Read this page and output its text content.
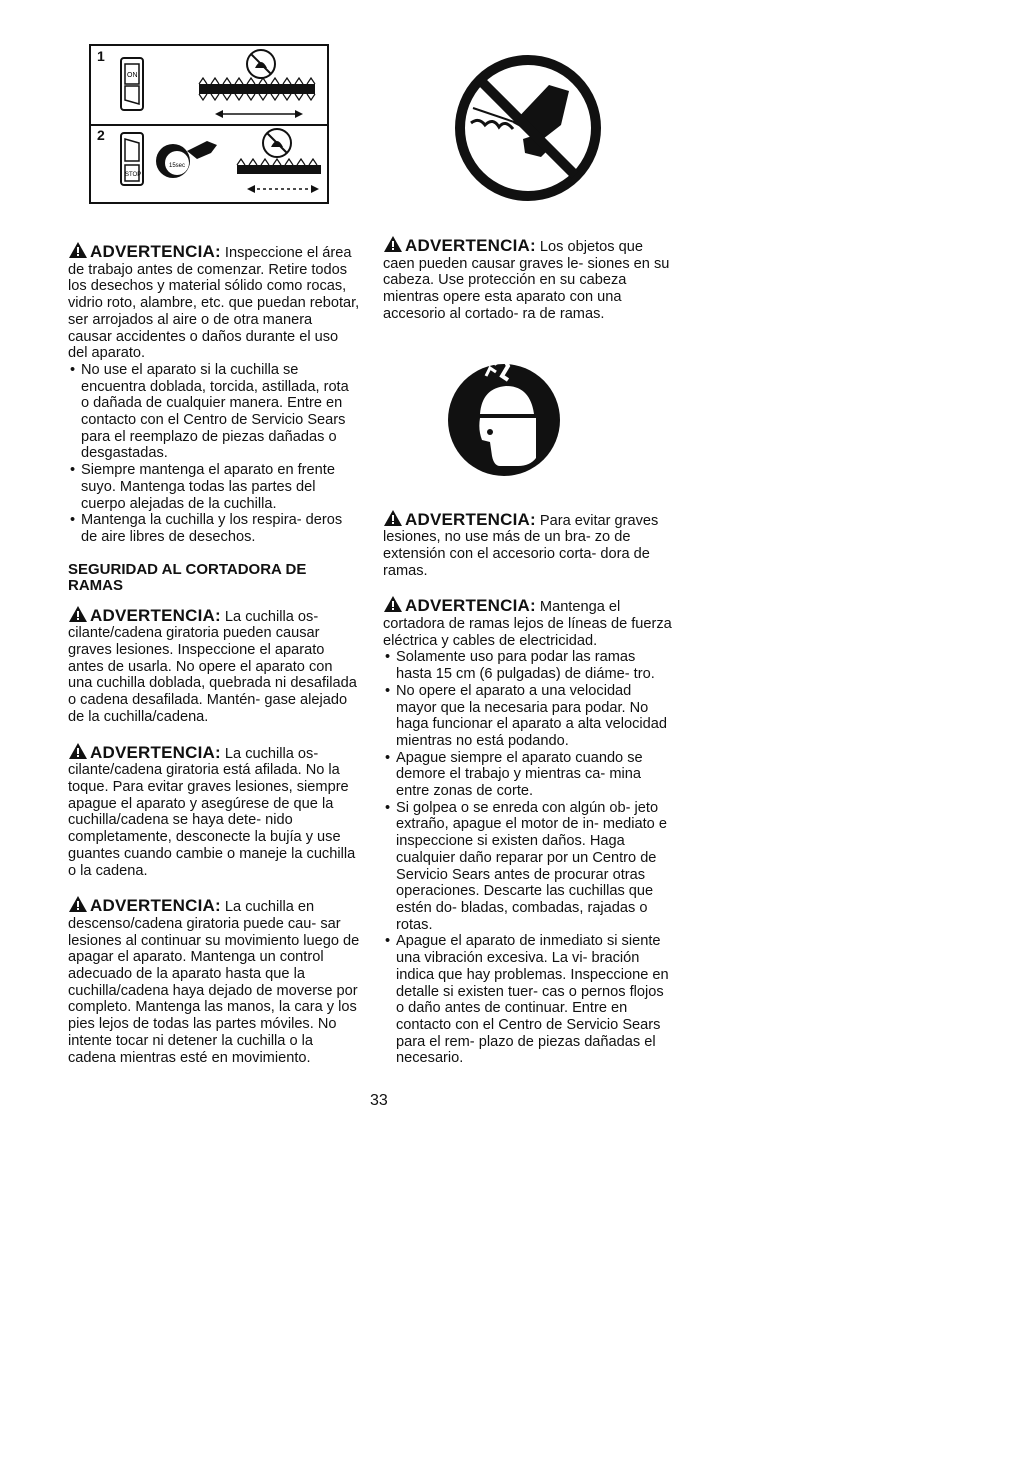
1
ON
2
STOP
15sec
ADVERTENCIA: Inspeccione el área de trabajo antes de comenzar. Retire todos los desechos y material sólido como rocas, vidrio roto, alambre, etc. que puedan rebotar, ser arrojados al aire o de otra manera causar accidentes o daños durante el uso del aparato.
• No use el aparato si la cuchilla se encuentra doblada, torcida, astillada, rota o dañada de cualquier manera. Entre en contacto con el Centro de Servicio Sears para el reemplazo de piezas dañadas o desgastadas.
• Siempre mantenga el aparato en frente suyo. Mantenga todas las partes del cuerpo alejadas de la cuchilla.
• Mantenga la cuchilla y los respira- deros de aire libres de desechos.
SEGURIDAD AL CORTADORA DE RAMAS
ADVERTENCIA: La cuchilla os- cilante/cadena giratoria pueden causar graves lesiones. Inspeccione el aparato antes de usarla. No opere el aparato con una cuchilla doblada, quebrada ni desafilada o cadena desafilada. Mantén- gase alejado de la cuchilla/cadena.
ADVERTENCIA: La cuchilla os- cilante/cadena giratoria está afilada. No la toque. Para evitar graves lesiones, siempre apague el aparato y asegúrese de que la cuchilla/cadena se haya dete- nido completamente, desconecte la bujía y use guantes cuando cambie o maneje la cuchilla o la cadena.
ADVERTENCIA: La cuchilla en descenso/cadena giratoria puede cau- sar lesiones al continuar su movimiento luego de apagar el aparato. Mantenga un control adecuado de la aparato hasta que la cuchilla/cadena haya dejado de moverse por completo. Mantenga las manos, la cara y los pies lejos de todas las partes móviles. No intente tocar ni detener la cuchilla o la cadena mientras esté en movimiento.
ADVERTENCIA: Los objetos que caen pueden causar graves le- siones en su cabeza. Use protección en su cabeza mientras opere esta aparato con una accesorio al cortado- ra de ramas.
ADVERTENCIA: Para evitar graves lesiones, no use más de un bra- zo de extensión con el accesorio corta- dora de ramas.
ADVERTENCIA: Mantenga el cortadora de ramas lejos de líneas de fuerza eléctrica y cables de electricidad.
• Solamente uso para podar las ramas hasta 15 cm (6 pulgadas) de diáme- tro.
• No opere el aparato a una velocidad mayor que la necesaria para podar. No haga funcionar el aparato a alta velocidad mientras no está podando.
• Apague siempre el aparato cuando se demore el trabajo y mientras ca- mina entre zonas de corte.
• Si golpea o se enreda con algún ob- jeto extraño, apague el motor de in- mediato e inspeccione si existen daños. Haga cualquier daño reparar por un Centro de Servicio Sears antes de procurar otras operaciones. Descarte las cuchillas que estén do- bladas, combadas, rajadas o rotas.
• Apague el aparato de inmediato si siente una vibración excesiva. La vi- bración indica que hay problemas. Inspeccione en detalle si existen tuer- cas o pernos flojos o daño antes de continuar. Entre en contacto con el Centro de Servicio Sears para el rem- plazo de piezas dañadas el necesario.
33
